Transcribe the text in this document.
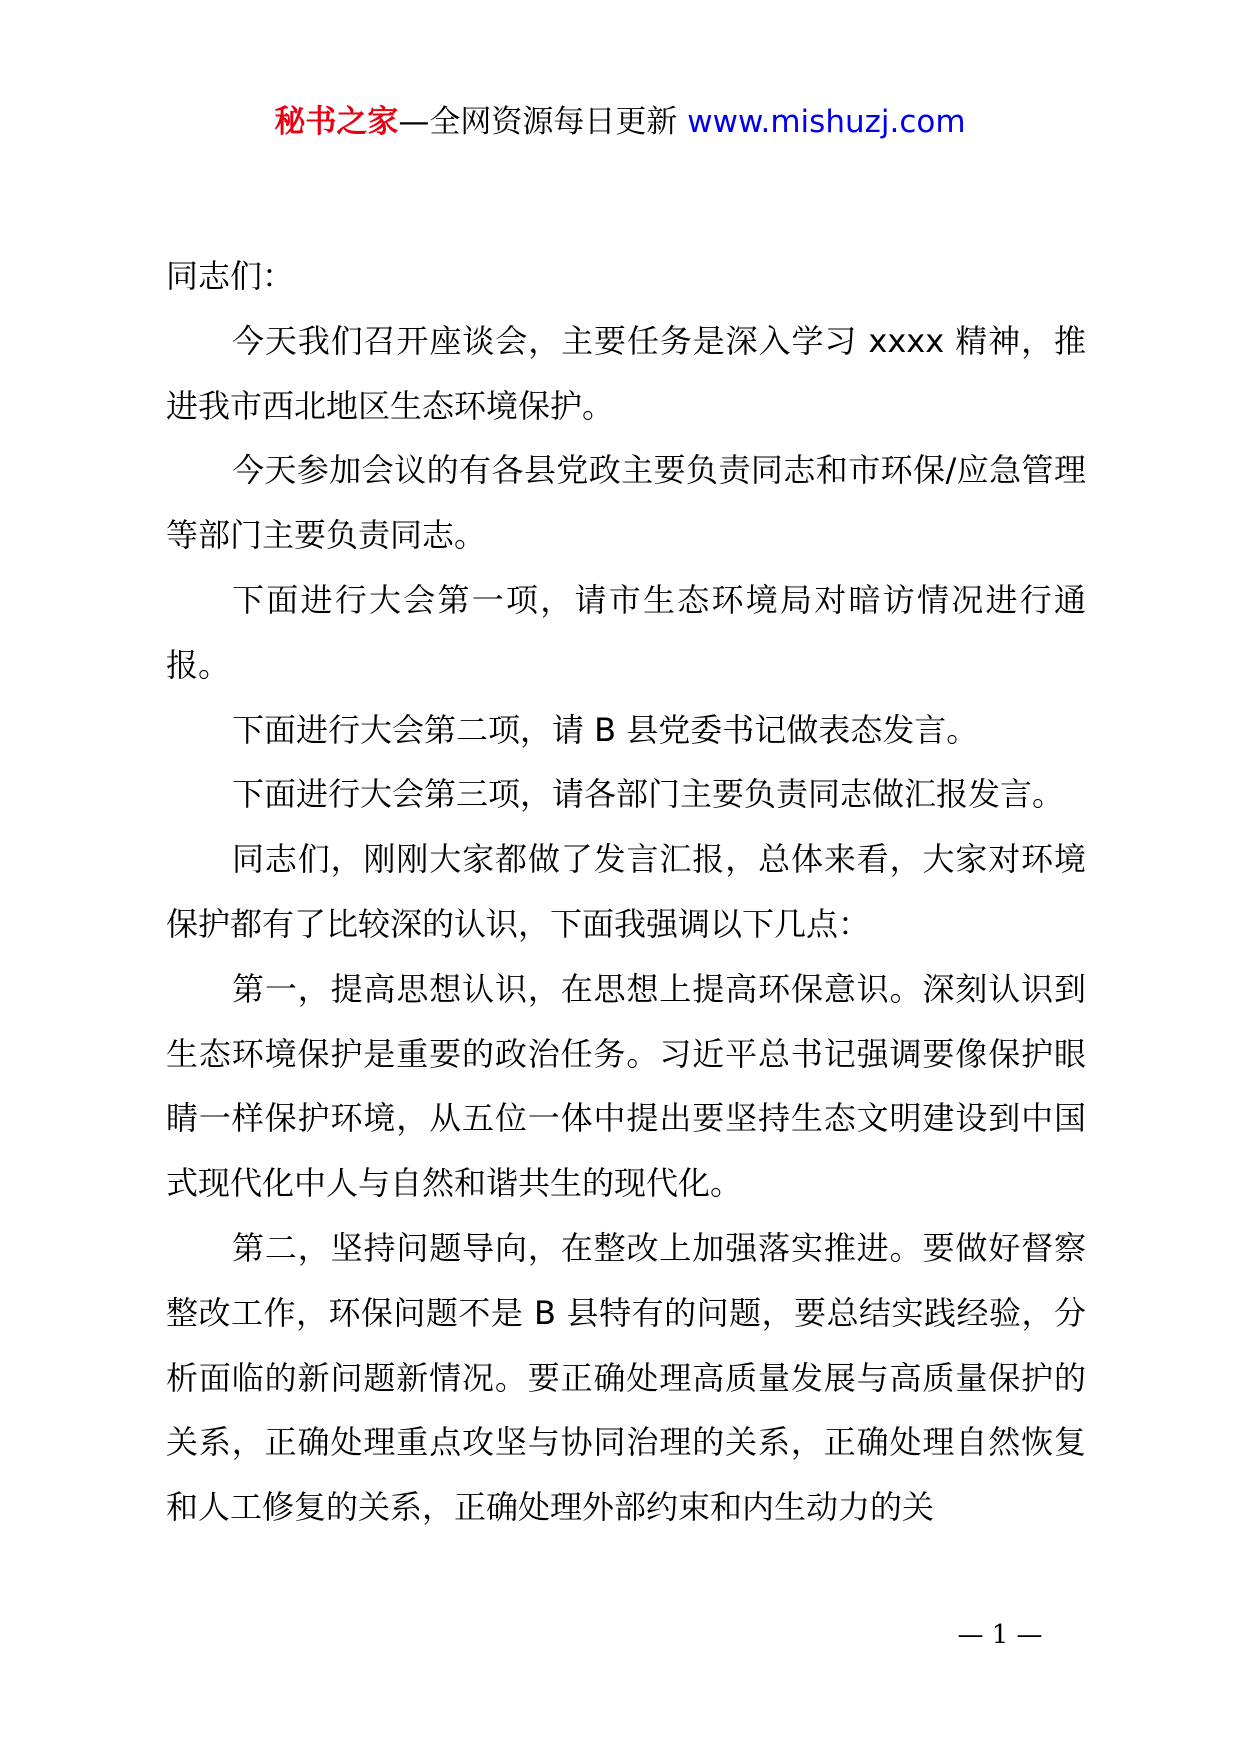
秘书之家—全网资源每日更新 www.mishuzj.com

同志们：

今天我们召开座谈会，主要任务是深入学习 xxxx 精神，推进我市西北地区生态环境保护。

今天参加会议的有各县党政主要负责同志和市环保/应急管理等部门主要负责同志。

下面进行大会第一项，请市生态环境局对暗访情况进行通报。

下面进行大会第二项，请 B 县党委书记做表态发言。

下面进行大会第三项，请各部门主要负责同志做汇报发言。

同志们，刚刚大家都做了发言汇报，总体来看，大家对环境保护都有了比较深的认识，下面我强调以下几点：

第一，提高思想认识，在思想上提高环保意识。深刻认识到生态环境保护是重要的政治任务。习近平总书记强调要像保护眼睛一样保护环境，从五位一体中提出要坚持生态文明建设到中国式现代化中人与自然和谐共生的现代化。

第二，坚持问题导向，在整改上加强落实推进。要做好督察整改工作，环保问题不是 B 县特有的问题，要总结实践经验，分析面临的新问题新情况。要正确处理高质量发展与高质量保护的关系，正确处理重点攻坚与协同治理的关系，正确处理自然恢复和人工修复的关系，正确处理外部约束和内生动力的关

— 1 —
